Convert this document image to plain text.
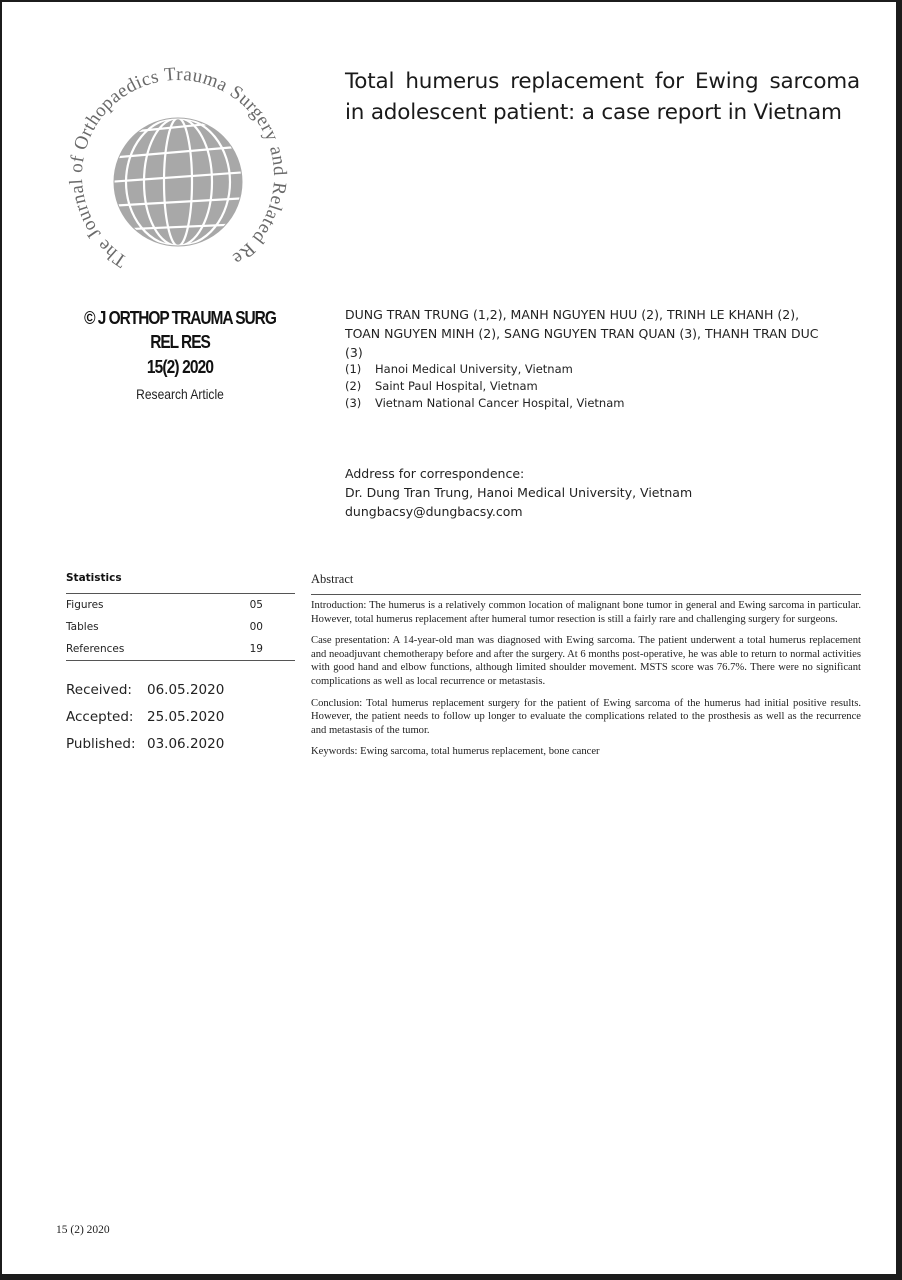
The Journal of Orthopaedics Trauma Surgery and Related Re
© J ORTHOP TRAUMA SURG REL RES
15(2) 2020
Research Article
Total humerus replacement for Ewing sarcoma in adolescent patient: a case report in Vietnam
DUNG TRAN TRUNG (1,2), MANH NGUYEN HUU (2), TRINH LE KHANH (2), TOAN NGUYEN MINH (2), SANG NGUYEN TRAN QUAN (3), THANH TRAN DUC (3)
(1)	Hanoi Medical University, Vietnam
(2)	Saint Paul Hospital, Vietnam
(3)	Vietnam National Cancer Hospital, Vietnam
Address for correspondence:
Dr. Dung Tran Trung, Hanoi Medical University, Vietnam
dungbacsy@dungbacsy.com
Statistics
Figures	05
Tables	00
References	19
Received:	06.05.2020
Accepted:	25.05.2020
Published: 03.06.2020
Abstract

Introduction: The humerus is a relatively common location of malignant bone tumor in general and Ewing sarcoma in particular. However, total humerus replacement after humeral tumor resection is still a fairly rare and challenging surgery for surgeons.

Case presentation: A 14-year-old man was diagnosed with Ewing sarcoma. The patient underwent a total humerus replacement and neoadjuvant chemotherapy before and after the surgery. At 6 months post-operative, he was able to return to normal activities with good hand and elbow functions, although limited shoulder movement. MSTS score was 76.7%. There were no significant complications as well as local recurrence or metastasis.

Conclusion: Total humerus replacement surgery for the patient of Ewing sarcoma of the humerus had initial positive results. However, the patient needs to follow up longer to evaluate the complications related to the prosthesis as well as the recurrence and metastasis of the tumor.

Keywords: Ewing sarcoma, total humerus replacement, bone cancer

15 (2) 2020
